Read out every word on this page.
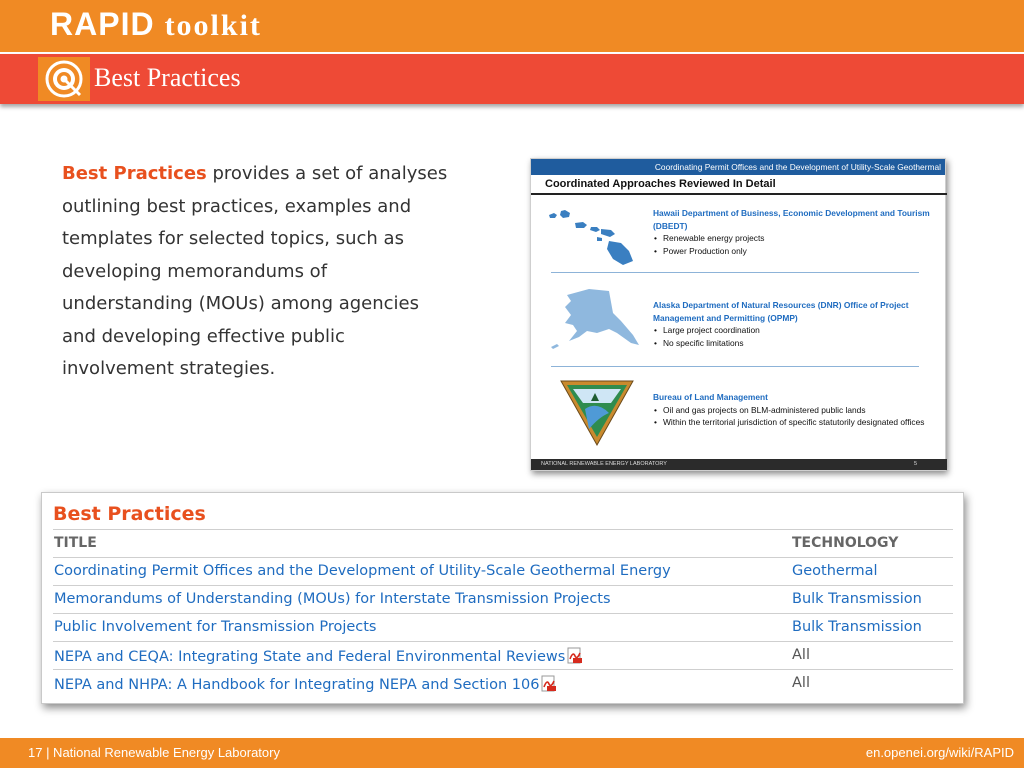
RAPID toolkit
Best Practices
Best Practices provides a set of analyses outlining best practices, examples and templates for selected topics, such as developing memorandums of understanding (MOUs) among agencies and developing effective public involvement strategies.
Coordinating Permit Offices and the Development of Utility-Scale Geothermal
Coordinated Approaches Reviewed In Detail
Hawaii Department of Business, Economic Development and Tourism (DBEDT)
• Renewable energy projects
• Power Production only
Alaska Department of Natural Resources (DNR) Office of Project Management and Permitting (OPMP)
• Large project coordination
• No specific limitations
Bureau of Land Management
• Oil and gas projects on BLM-administered public lands
• Within the territorial jurisdiction of specific statutorily designated offices
NATIONAL RENEWABLE ENERGY LABORATORY	5
Best Practices
TITLE	TECHNOLOGY
Coordinating Permit Offices and the Development of Utility-Scale Geothermal Energy	Geothermal
Memorandums of Understanding (MOUs) for Interstate Transmission Projects	Bulk Transmission
Public Involvement for Transmission Projects	Bulk Transmission
NEPA and CEQA: Integrating State and Federal Environmental Reviews	All
NEPA and NHPA: A Handbook for Integrating NEPA and Section 106	All
17 | National Renewable Energy Laboratory	en.openei.org/wiki/RAPID
